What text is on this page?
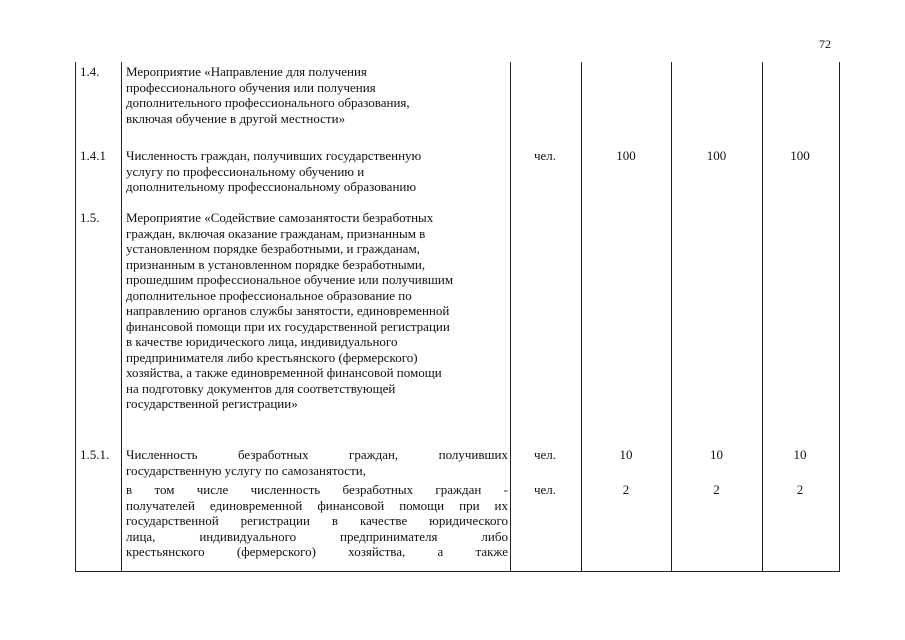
72
1.4. Мероприятие «Направление для получения
профессионального обучения или получения
дополнительного профессионального образования,
включая обучение в другой местности»
1.4.1 Численность граждан, получивших государственную
услугу по профессиональному обучению и
дополнительному профессиональному образованию
чел.	100	100	100
1.5. Мероприятие «Содействие самозанятости безработных
граждан, включая оказание гражданам, признанным в
установленном порядке безработными, и гражданам,
признанным в установленном порядке безработными,
прошедшим профессиональное обучение или получившим
дополнительное профессиональное образование по
направлению органов службы занятости, единовременной
финансовой помощи при их государственной регистрации
в качестве юридического лица, индивидуального
предпринимателя либо крестьянского (фермерского)
хозяйства, а также единовременной финансовой помощи
на подготовку документов для соответствующей
государственной регистрации»
1.5.1. Численность безработных граждан, получивших
государственную услугу по самозанятости,
чел.	10	10	10
в том числе численность безработных граждан -
получателей единовременной финансовой помощи при их
государственной регистрации в качестве юридического
лица, индивидуального предпринимателя либо
крестьянского (фермерского) хозяйства, а также
чел.	2	2	2
